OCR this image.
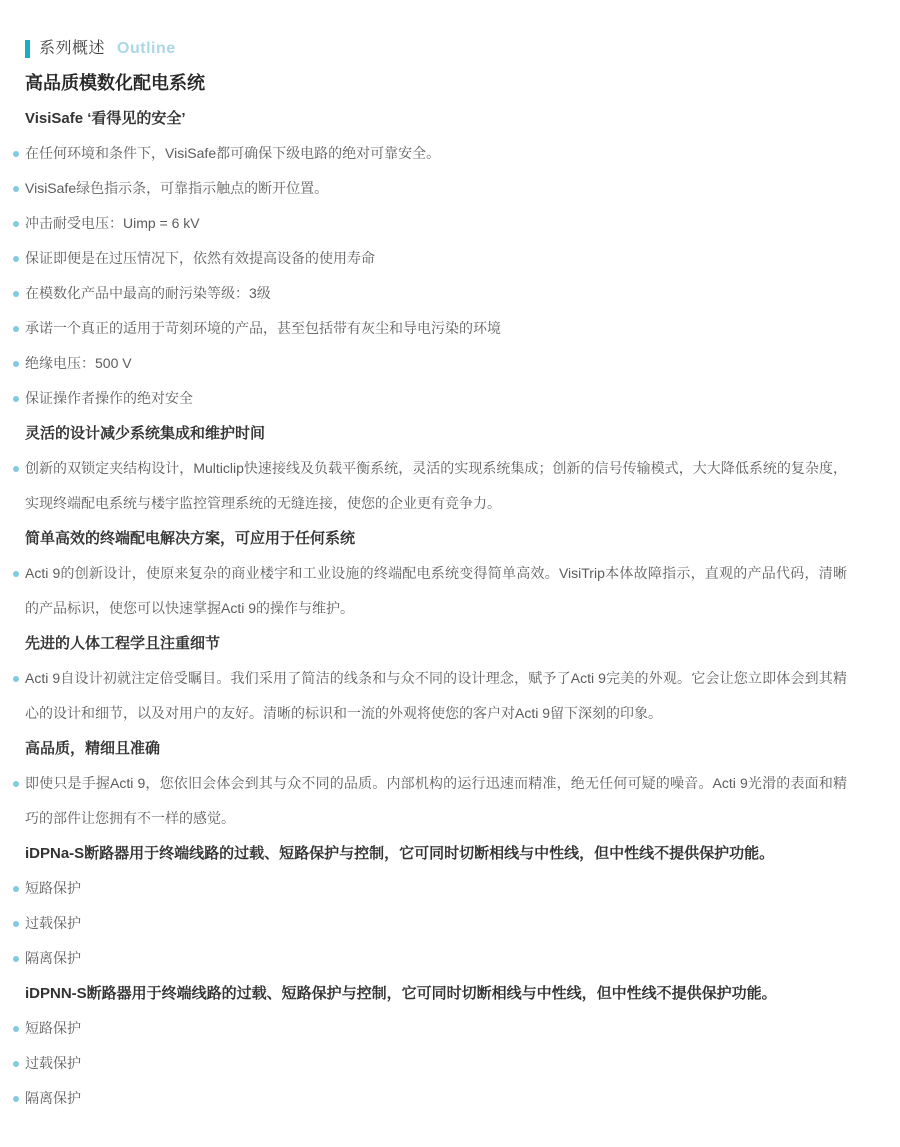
系列概述 Outline
高品质模数化配电系统
VisiSafe ‘看得见的安全’
在任何环境和条件下，VisiSafe都可确保下级电路的绝对可靠安全。
VisiSafe绿色指示条，可靠指示触点的断开位置。
冲击耐受电压：Uimp = 6 kV
保证即便是在过压情况下，依然有效提高设备的使用寿命
在模数化产品中最高的耐污染等级：3级
承诺一个真正的适用于苛刻环境的产品，甚至包括带有灰尘和导电污染的环境
绝缘电压：500 V
保证操作者操作的绝对安全
灵活的设计减少系统集成和维护时间
创新的双锁定夹结构设计，Multiclip快速接线及负载平衡系统，灵活的实现系统集成；创新的信号传输模式，大大降低系统的复杂度，实现终端配电系统与楼宇监控管理系统的无缝连接，使您的企业更有竞争力。
简单高效的终端配电解决方案，可应用于任何系统
Acti 9的创新设计，使原来复杂的商业楼宇和工业设施的终端配电系统变得简单高效。VisiTrip本体故障指示，直观的产品代码，清晰的产品标识，使您可以快速掌握Acti 9的操作与维护。
先进的人体工程学且注重细节
Acti 9自设计初就注定倍受瞩目。我们采用了简洁的线条和与众不同的设计理念，赋予了Acti 9完美的外观。它会让您立即体会到其精心的设计和细节，以及对用户的友好。清晰的标识和一流的外观将使您的客户对Acti 9留下深刻的印象。
高品质，精细且准确
即使只是手握Acti 9，您依旧会体会到其与众不同的品质。内部机构的运行迅速而精准，绝无任何可疑的噪音。Acti 9光滑的表面和精巧的部件让您拥有不一样的感觉。
iDPNa-S断路器用于终端线路的过载、短路保护与控制，它可同时切断相线与中性线，但中性线不提供保护功能。
短路保护
过载保护
隔离保护
iDPNN-S断路器用于终端线路的过载、短路保护与控制，它可同时切断相线与中性线，但中性线不提供保护功能。
短路保护
过载保护
隔离保护
